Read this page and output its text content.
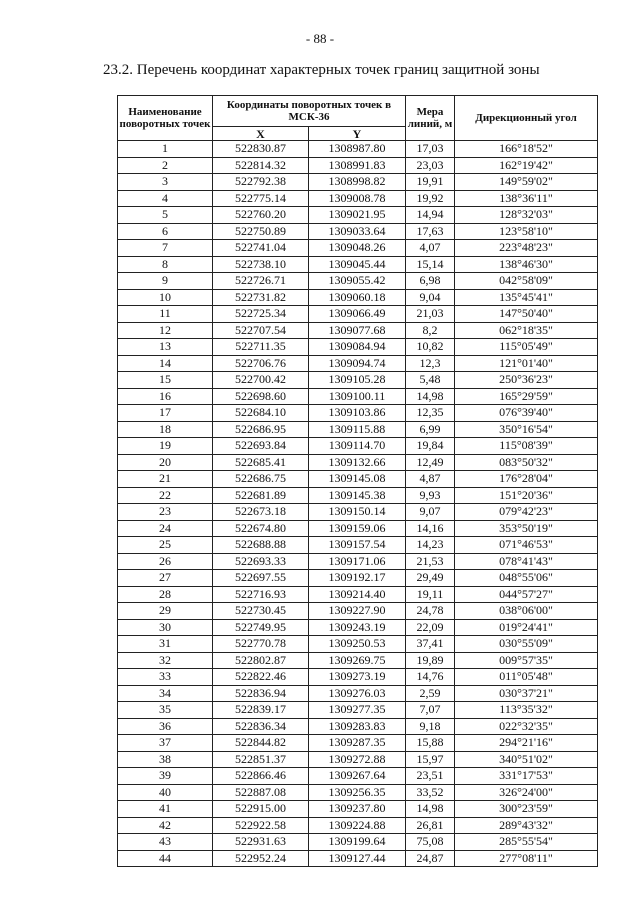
- 88 -
23.2. Перечень координат характерных точек границ защитной зоны
Наименование поворотных точек	Координаты поворотных точек в МСК-36		Мера линий, м	Дирекционный угол
	X	Y		
1	522830.87	1308987.80	17,03	166°18'52"
2	522814.32	1308991.83	23,03	162°19'42"
3	522792.38	1308998.82	19,91	149°59'02"
4	522775.14	1309008.78	19,92	138°36'11"
5	522760.20	1309021.95	14,94	128°32'03"
6	522750.89	1309033.64	17,63	123°58'10"
7	522741.04	1309048.26	4,07	223°48'23"
8	522738.10	1309045.44	15,14	138°46'30"
9	522726.71	1309055.42	6,98	042°58'09"
10	522731.82	1309060.18	9,04	135°45'41"
11	522725.34	1309066.49	21,03	147°50'40"
12	522707.54	1309077.68	8,2	062°18'35"
13	522711.35	1309084.94	10,82	115°05'49"
14	522706.76	1309094.74	12,3	121°01'40"
15	522700.42	1309105.28	5,48	250°36'23"
16	522698.60	1309100.11	14,98	165°29'59"
17	522684.10	1309103.86	12,35	076°39'40"
18	522686.95	1309115.88	6,99	350°16'54"
19	522693.84	1309114.70	19,84	115°08'39"
20	522685.41	1309132.66	12,49	083°50'32"
21	522686.75	1309145.08	4,87	176°28'04"
22	522681.89	1309145.38	9,93	151°20'36"
23	522673.18	1309150.14	9,07	079°42'23"
24	522674.80	1309159.06	14,16	353°50'19"
25	522688.88	1309157.54	14,23	071°46'53"
26	522693.33	1309171.06	21,53	078°41'43"
27	522697.55	1309192.17	29,49	048°55'06"
28	522716.93	1309214.40	19,11	044°57'27"
29	522730.45	1309227.90	24,78	038°06'00"
30	522749.95	1309243.19	22,09	019°24'41"
31	522770.78	1309250.53	37,41	030°55'09"
32	522802.87	1309269.75	19,89	009°57'35"
33	522822.46	1309273.19	14,76	011°05'48"
34	522836.94	1309276.03	2,59	030°37'21"
35	522839.17	1309277.35	7,07	113°35'32"
36	522836.34	1309283.83	9,18	022°32'35"
37	522844.82	1309287.35	15,88	294°21'16"
38	522851.37	1309272.88	15,97	340°51'02"
39	522866.46	1309267.64	23,51	331°17'53"
40	522887.08	1309256.35	33,52	326°24'00"
41	522915.00	1309237.80	14,98	300°23'59"
42	522922.58	1309224.88	26,81	289°43'32"
43	522931.63	1309199.64	75,08	285°55'54"
44	522952.24	1309127.44	24,87	277°08'11"
